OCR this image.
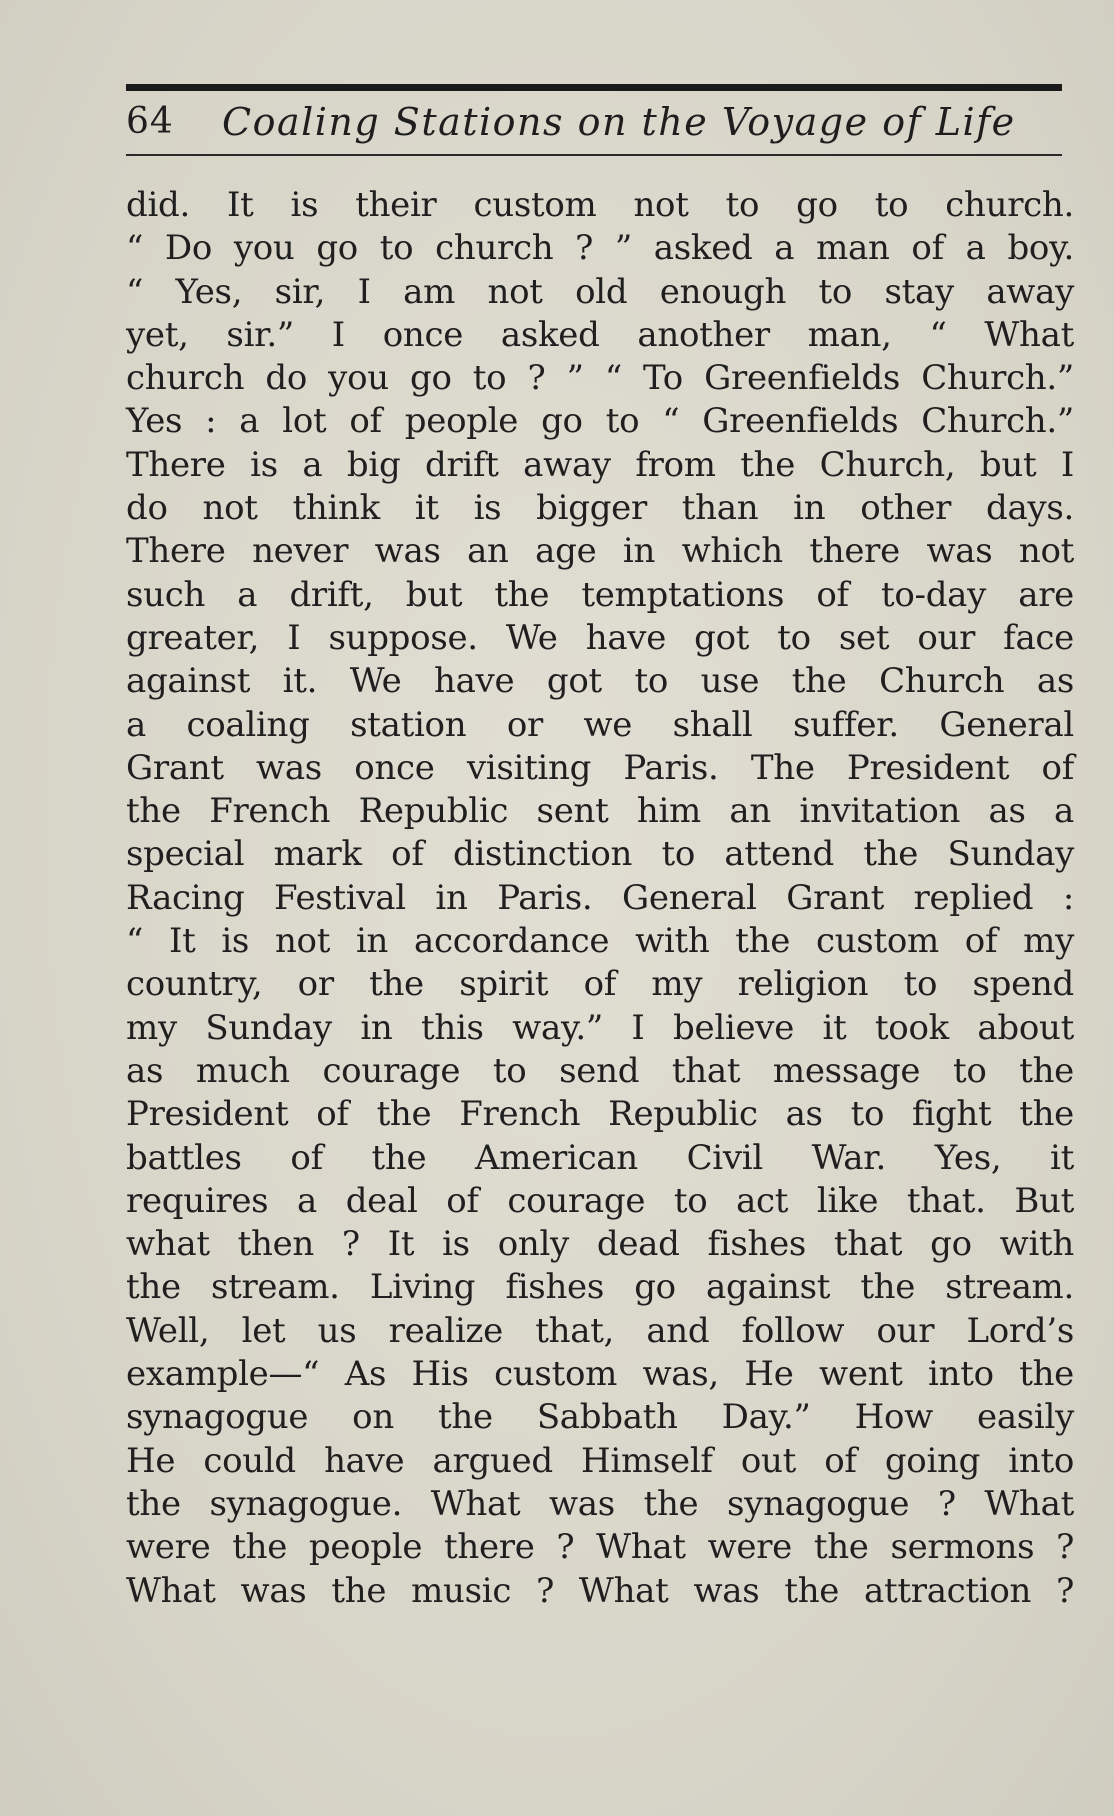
64 Coaling Stations on the Voyage of Life
did. It is their custom not to go to church.
“ Do you go to church ? ” asked a man of a boy.
“ Yes, sir, I am not old enough to stay away
yet, sir.” I once asked another man, “ What
church do you go to ? ” “ To Greenfields Church.”
Yes : a lot of people go to “ Greenfields Church.”
There is a big drift away from the Church, but I
do not think it is bigger than in other days.
There never was an age in which there was not
such a drift, but the temptations of to-day are
greater, I suppose. We have got to set our face
against it. We have got to use the Church as
a coaling station or we shall suffer. General
Grant was once visiting Paris. The President of
the French Republic sent him an invitation as a
special mark of distinction to attend the Sunday
Racing Festival in Paris. General Grant replied :
“ It is not in accordance with the custom of my
country, or the spirit of my religion to spend
my Sunday in this way.” I believe it took about
as much courage to send that message to the
President of the French Republic as to fight the
battles of the American Civil War. Yes, it
requires a deal of courage to act like that. But
what then ? It is only dead fishes that go with
the stream. Living fishes go against the stream.
Well, let us realize that, and follow our Lord’s
example—“ As His custom was, He went into the
synagogue on the Sabbath Day.” How easily
He could have argued Himself out of going into
the synagogue. What was the synagogue ? What
were the people there ? What were the sermons ?
What was the music ? What was the attraction ?
